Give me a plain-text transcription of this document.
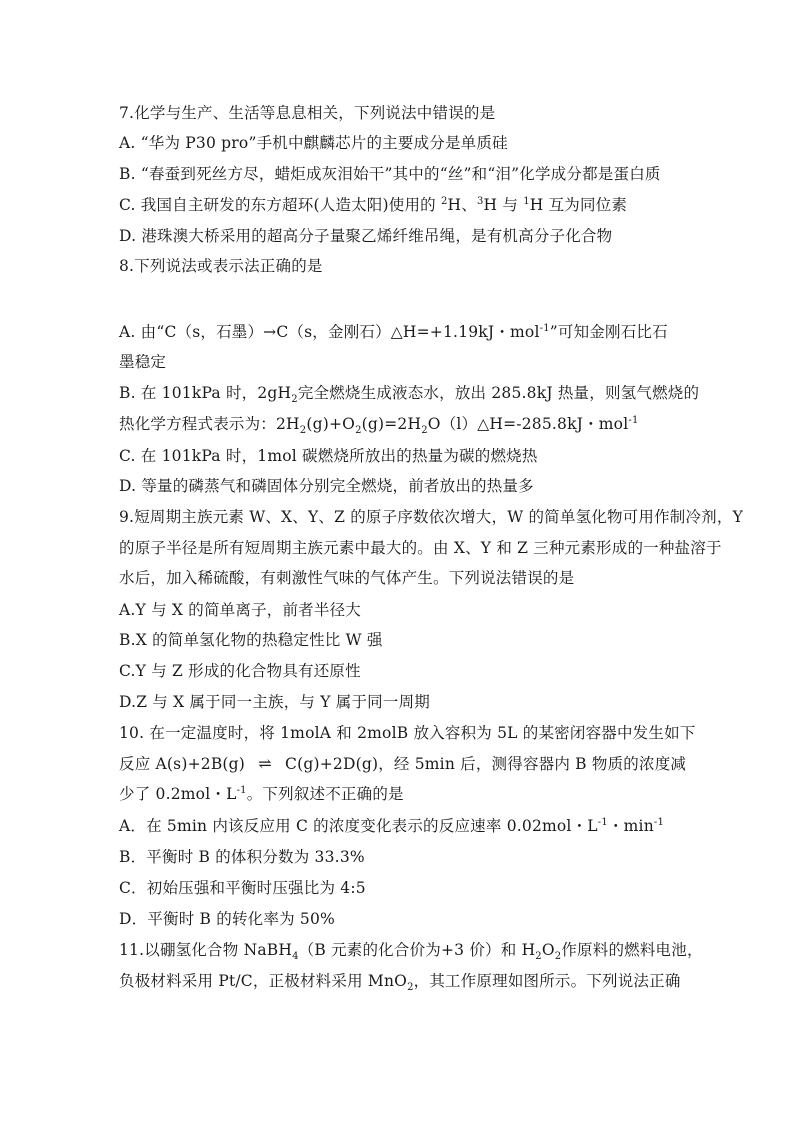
7.化学与生产、生活等息息相关，下列说法中错误的是
A. “华为 P30 pro”手机中麒麟芯片的主要成分是单质硅
B. “春蚕到死丝方尽，蜡炬成灰泪始干”其中的“丝”和“泪”化学成分都是蛋白质
C. 我国自主研发的东方超环(人造太阳)使用的 $^2$H、$^3$H 与 $^1$H 互为同位素
D. 港珠澳大桥采用的超高分子量聚乙烯纤维吊绳，是有机高分子化合物
8.下列说法或表示法正确的是
A. 由“C（s，石墨）→C（s，金刚石）△H=+1.19kJ・mol$^{-1}$”可知金刚石比石
墨稳定
B. 在 101kPa 时，$2gH_2$完全燃烧生成液态水，放出 285.8kJ 热量，则氢气燃烧的
热化学方程式表示为：$2H_2(g)+O_2(g)=2H_2O(l)\triangle H=-285.8kJ$・mol$^{-1}$
C. 在 101kPa 时，1mol 碳燃烧所放出的热量为碳的燃烧热
D. 等量的磷蒸气和磷固体分别完全燃烧，前者放出的热量多
9.短周期主族元素 W、X、Y、Z 的原子序数依次增大，W 的简单氢化物可用作制冷剂，Y
的原子半径是所有短周期主族元素中最大的。由 X、Y 和 Z 三种元素形成的一种盐溶于
水后，加入稀硫酸，有刺激性气味的气体产生。下列说法错误的是
A.Y 与 X 的简单离子，前者半径大
B.X 的简单氢化物的热稳定性比 W 强
C.Y 与 Z 形成的化合物具有还原性
D.Z 与 X 属于同一主族，与 Y 属于同一周期
10. 在一定温度时，将 1molA 和 2molB 放入容积为 5L 的某密闭容器中发生如下
反应 A(s)+2B(g) ⇌ C(g)+2D(g)，经 5min 后，测得容器内 B 物质的浓度减
少了 0.2mol・$L^{-1}$。下列叙述不正确的是
A．在 5min 内该反应用 C 的浓度变化表示的反应速率 0.02mol・$L^{-1}$・$\min^{-1}$
B．平衡时 B 的体积分数为 33.3%
C．初始压强和平衡时压强比为 4:5
D．平衡时 B 的转化率为 50%
11.以硼氢化合物 NaBH$_4$（B 元素的化合价为+3 价）和 $H_2O_2$作原料的燃料电池，
负极材料采用 Pt/C，正极材料采用 MnO$_2$，其工作原理如图所示。下列说法正确
